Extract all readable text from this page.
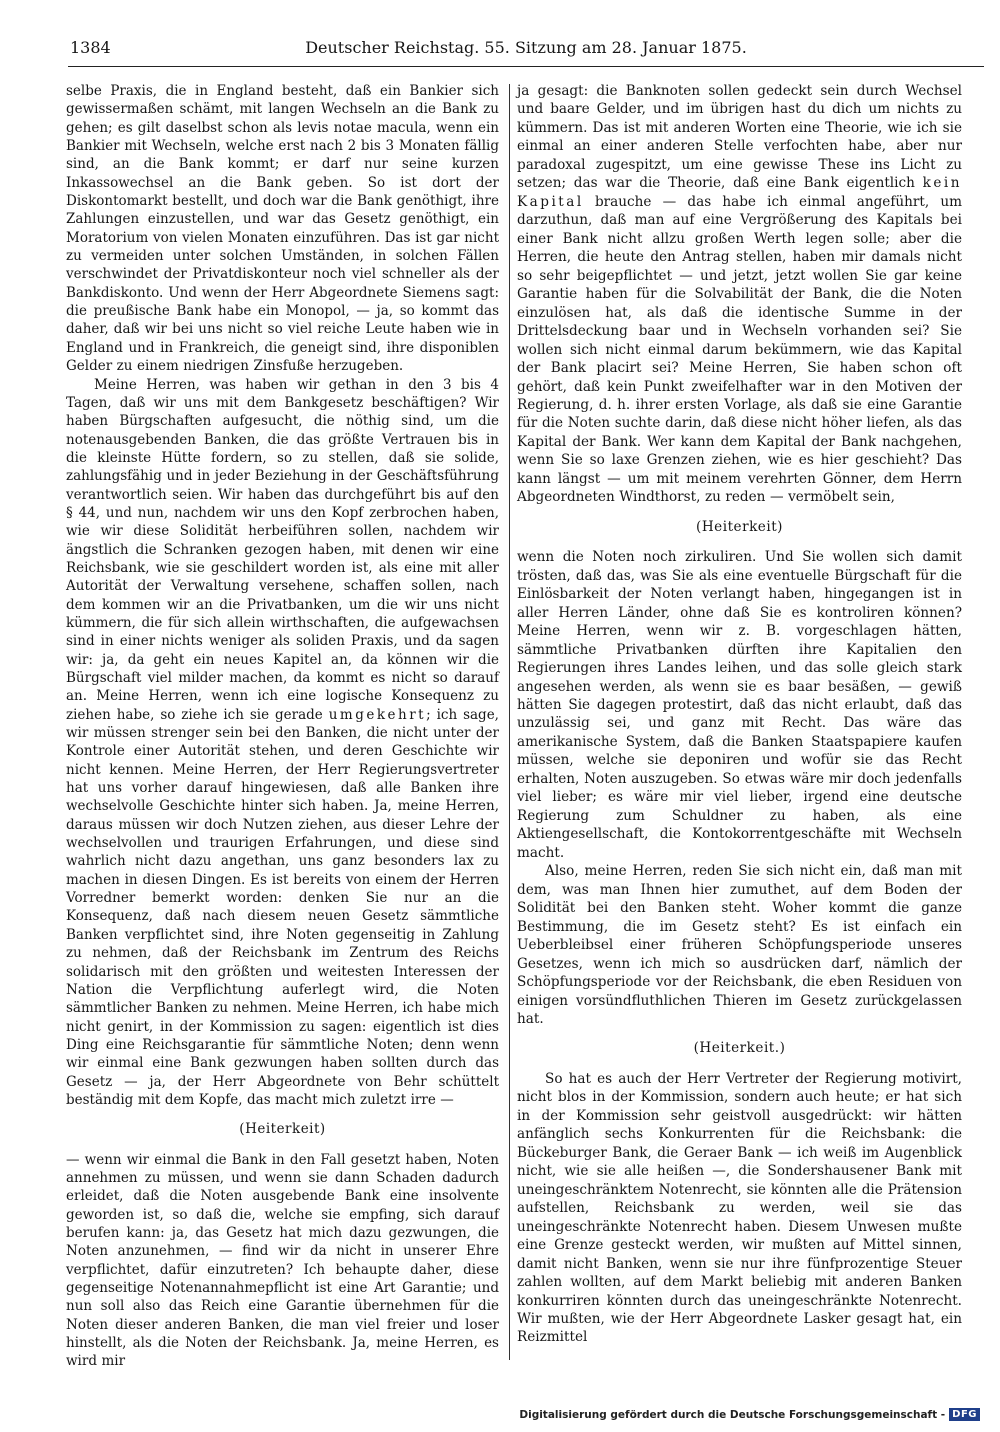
1384	Deutscher Reichstag. 55. Sitzung am 28. Januar 1875.

selbe Praxis, die in England besteht, daß ein Bankier sich gewissermaßen schämt, mit langen Wechseln an die Bank zu gehen; es gilt daselbst schon als levis notae macula, wenn ein Bankier mit Wechseln, welche erst nach 2 bis 3 Monaten fällig sind, an die Bank kommt; er darf nur seine kurzen Inkassowechsel an die Bank geben. So ist dort der Diskontomarkt bestellt, und doch war die Bank genöthigt, ihre Zahlungen einzustellen, und war das Gesetz genöthigt, ein Moratorium von vielen Monaten einzuführen. Das ist gar nicht zu vermeiden unter solchen Umständen, in solchen Fällen verschwindet der Privatdiskonteur noch viel schneller als der Bankdiskonto. Und wenn der Herr Abgeordnete Siemens sagt: die preußische Bank habe ein Monopol, — ja, so kommt das daher, daß wir bei uns nicht so viel reiche Leute haben wie in England und in Frankreich, die geneigt sind, ihre disponiblen Gelder zu einem niedrigen Zinsfuße herzugeben.

Meine Herren, was haben wir gethan in den 3 bis 4 Tagen, daß wir uns mit dem Bankgesetz beschäftigen? Wir haben Bürgschaften aufgesucht, die nöthig sind, um die notenausgebenden Banken, die das größte Vertrauen bis in die kleinste Hütte fordern, so zu stellen, daß sie solide, zahlungsfähig und in jeder Beziehung in der Geschäftsführung verantwortlich seien. Wir haben das durchgeführt bis auf den § 44, und nun, nachdem wir uns den Kopf zerbrochen haben, wie wir diese Solidität herbeiführen sollen, nachdem wir ängstlich die Schranken gezogen haben, mit denen wir eine Reichsbank, wie sie geschildert worden ist, als eine mit aller Autorität der Verwaltung versehene, schaffen sollen, nach dem kommen wir an die Privatbanken, um die wir uns nicht kümmern, die für sich allein wirthschaften, die aufgewachsen sind in einer nichts weniger als soliden Praxis, und da sagen wir: ja, da geht ein neues Kapitel an, da können wir die Bürgschaft viel milder machen, da kommt es nicht so darauf an. Meine Herren, wenn ich eine logische Konsequenz zu ziehen habe, so ziehe ich sie gerade umgekehrt; ich sage, wir müssen strenger sein bei den Banken, die nicht unter der Kontrole einer Autorität stehen, und deren Geschichte wir nicht kennen. Meine Herren, der Herr Regierungsvertreter hat uns vorher darauf hingewiesen, daß alle Banken ihre wechselvolle Geschichte hinter sich haben. Ja, meine Herren, daraus müssen wir doch Nutzen ziehen, aus dieser Lehre der wechselvollen und traurigen Erfahrungen, und diese sind wahrlich nicht dazu angethan, uns ganz besonders lax zu machen in diesen Dingen. Es ist bereits von einem der Herren Vorredner bemerkt worden: denken Sie nur an die Konsequenz, daß nach diesem neuen Gesetz sämmtliche Banken verpflichtet sind, ihre Noten gegenseitig in Zahlung zu nehmen, daß der Reichsbank im Zentrum des Reichs solidarisch mit den größten und weitesten Interessen der Nation die Verpflichtung auferlegt wird, die Noten sämmtlicher Banken zu nehmen. Meine Herren, ich habe mich nicht genirt, in der Kommission zu sagen: eigentlich ist dies Ding eine Reichsgarantie für sämmtliche Noten; denn wenn wir einmal eine Bank gezwungen haben sollten durch das Gesetz — ja, der Herr Abgeordnete von Behr schüttelt beständig mit dem Kopfe, das macht mich zuletzt irre —

(Heiterkeit)

— wenn wir einmal die Bank in den Fall gesetzt haben, Noten annehmen zu müssen, und wenn sie dann Schaden dadurch erleidet, daß die Noten ausgebende Bank eine insolvente geworden ist, so daß die, welche sie empfing, sich darauf berufen kann: ja, das Gesetz hat mich dazu gezwungen, die Noten anzunehmen, — find wir da nicht in unserer Ehre verpflichtet, dafür einzutreten? Ich behaupte daher, diese gegenseitige Notenannahmepflicht ist eine Art Garantie; und nun soll also das Reich eine Garantie übernehmen für die Noten dieser anderen Banken, die man viel freier und loser hinstellt, als die Noten der Reichsbank. Ja, meine Herren, es wird mir

ja gesagt: die Banknoten sollen gedeckt sein durch Wechsel und baare Gelder, und im übrigen hast du dich um nichts zu kümmern. Das ist mit anderen Worten eine Theorie, wie ich sie einmal an einer anderen Stelle verfochten habe, aber nur paradoxal zugespitzt, um eine gewisse These ins Licht zu setzen; das war die Theorie, daß eine Bank eigentlich kein Kapital brauche — das habe ich einmal angeführt, um darzuthun, daß man auf eine Vergrößerung des Kapitals bei einer Bank nicht allzu großen Werth legen solle; aber die Herren, die heute den Antrag stellen, haben mir damals nicht so sehr beigepflichtet — und jetzt, jetzt wollen Sie gar keine Garantie haben für die Solvabilität der Bank, die die Noten einzulösen hat, als daß die identische Summe in der Drittelsdeckung baar und in Wechseln vorhanden sei? Sie wollen sich nicht einmal darum bekümmern, wie das Kapital der Bank placirt sei? Meine Herren, Sie haben schon oft gehört, daß kein Punkt zweifelhafter war in den Motiven der Regierung, d. h. ihrer ersten Vorlage, als daß sie eine Garantie für die Noten suchte darin, daß diese nicht höher liefen, als das Kapital der Bank. Wer kann dem Kapital der Bank nachgehen, wenn Sie so laxe Grenzen ziehen, wie es hier geschieht? Das kann längst — um mit meinem verehrten Gönner, dem Herrn Abgeordneten Windthorst, zu reden — vermöbelt sein,

(Heiterkeit)

wenn die Noten noch zirkuliren. Und Sie wollen sich damit trösten, daß das, was Sie als eine eventuelle Bürgschaft für die Einlösbarkeit der Noten verlangt haben, hingegangen ist in aller Herren Länder, ohne daß Sie es kontroliren können? Meine Herren, wenn wir z. B. vorgeschlagen hätten, sämmtliche Privatbanken dürften ihre Kapitalien den Regierungen ihres Landes leihen, und das solle gleich stark angesehen werden, als wenn sie es baar besäßen, — gewiß hätten Sie dagegen protestirt, daß das nicht erlaubt, daß das unzulässig sei, und ganz mit Recht. Das wäre das amerikanische System, daß die Banken Staatspapiere kaufen müssen, welche sie deponiren und wofür sie das Recht erhalten, Noten auszugeben. So etwas wäre mir doch jedenfalls viel lieber; es wäre mir viel lieber, irgend eine deutsche Regierung zum Schuldner zu haben, als eine Aktiengesellschaft, die Kontokorrentgeschäfte mit Wechseln macht.

Also, meine Herren, reden Sie sich nicht ein, daß man mit dem, was man Ihnen hier zumuthet, auf dem Boden der Solidität bei den Banken steht. Woher kommt die ganze Bestimmung, die im Gesetz steht? Es ist einfach ein Ueberbleibsel einer früheren Schöpfungsperiode unseres Gesetzes, wenn ich mich so ausdrücken darf, nämlich der Schöpfungsperiode vor der Reichsbank, die eben Residuen von einigen vorsündfluthlichen Thieren im Gesetz zurückgelassen hat.

(Heiterkeit.)

So hat es auch der Herr Vertreter der Regierung motivirt, nicht blos in der Kommission, sondern auch heute; er hat sich in der Kommission sehr geistvoll ausgedrückt: wir hätten anfänglich sechs Konkurrenten für die Reichsbank: die Bückeburger Bank, die Geraer Bank — ich weiß im Augenblick nicht, wie sie alle heißen —, die Sondershausener Bank mit uneingeschränktem Notenrecht, sie könnten alle die Prätension aufstellen, Reichsbank zu werden, weil sie das uneingeschränkte Notenrecht haben. Diesem Unwesen mußte eine Grenze gesteckt werden, wir mußten auf Mittel sinnen, damit nicht Banken, wenn sie nur ihre fünfprozentige Steuer zahlen wollten, auf dem Markt beliebig mit anderen Banken konkurriren könnten durch das uneingeschränkte Notenrecht. Wir mußten, wie der Herr Abgeordnete Lasker gesagt hat, ein Reizmittel

Digitalisierung gefördert durch die Deutsche Forschungsgemeinschaft - DFG
